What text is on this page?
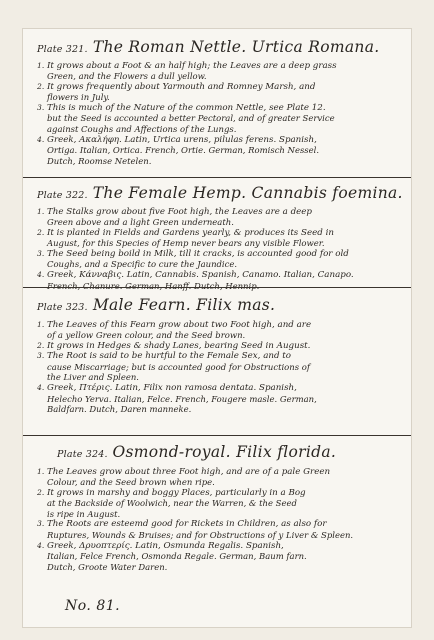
Plate 321. The Roman Nettle. Urtica Romana.
1. It grows about a Foot & an half high; the Leaves are a deep grass
Green, and the Flowers a dull yellow.
2. It grows frequently about Yarmouth and Romney Marsh, and
flowers in July.
3. This is much of the Nature of the common Nettle, see Plate 12.
but the Seed is accounted a better Pectoral, and of greater Service
against Coughs and Affections of the Lungs.
4. Greek, Ακαλήφη. Latin, Urtica urens, pilulas ferens. Spanish,
Ortiga. Italian, Ortica. French, Ortie. German, Romisch Nessel.
Dutch, Roomse Netelen.
Plate 322. The Female Hemp. Cannabis foemina.
1. The Stalks grow about five Foot high, the Leaves are a deep
Green above and a light Green underneath.
2. It is planted in Fields and Gardens yearly, & produces its Seed in
August, for this Species of Hemp never bears any visible Flower.
3. The Seed being boild in Milk, till it cracks, is accounted good for old
Coughs, and a Specific to cure the Jaundice.
4. Greek, Κάνναβις. Latin, Cannabis. Spanish, Canamo. Italian, Canapo.
French, Chanure. German, Hanff. Dutch, Hennip.
Plate 323. Male Fearn. Filix mas.
1. The Leaves of this Fearn grow about two Foot high, and are
of a yellow Green colour, and the Seed brown.
2. It grows in Hedges & shady Lanes, bearing Seed in August.
3. The Root is said to be hurtful to the Female Sex, and to
cause Miscarriage; but is accounted good for Obstructions of
the Liver and Spleen.
4. Greek, Πτέρις. Latin, Filix non ramosa dentata. Spanish,
Helecho Yerva. Italian, Felce. French, Fougere masle. German,
Baldfarn. Dutch, Daren manneke.
Plate 324. Osmond-royal. Filix florida.
1. The Leaves grow about three Foot high, and are of a pale Green
Colour, and the Seed brown when ripe.
2. It grows in marshy and boggy Places, particularly in a Bog
at the Backside of Woolwich, near the Warren, & the Seed
is ripe in August.
3. The Roots are esteemd good for Rickets in Children, as also for
Ruptures, Wounds & Bruises; and for Obstructions of y Liver & Spleen.
4. Greek, Δρυοπτερίς. Latin, Osmunda Regalis. Spanish,
Italian, Felce French, Osmonda Regale. German, Baum farn.
Dutch, Groote Water Daren.
No. 81.
